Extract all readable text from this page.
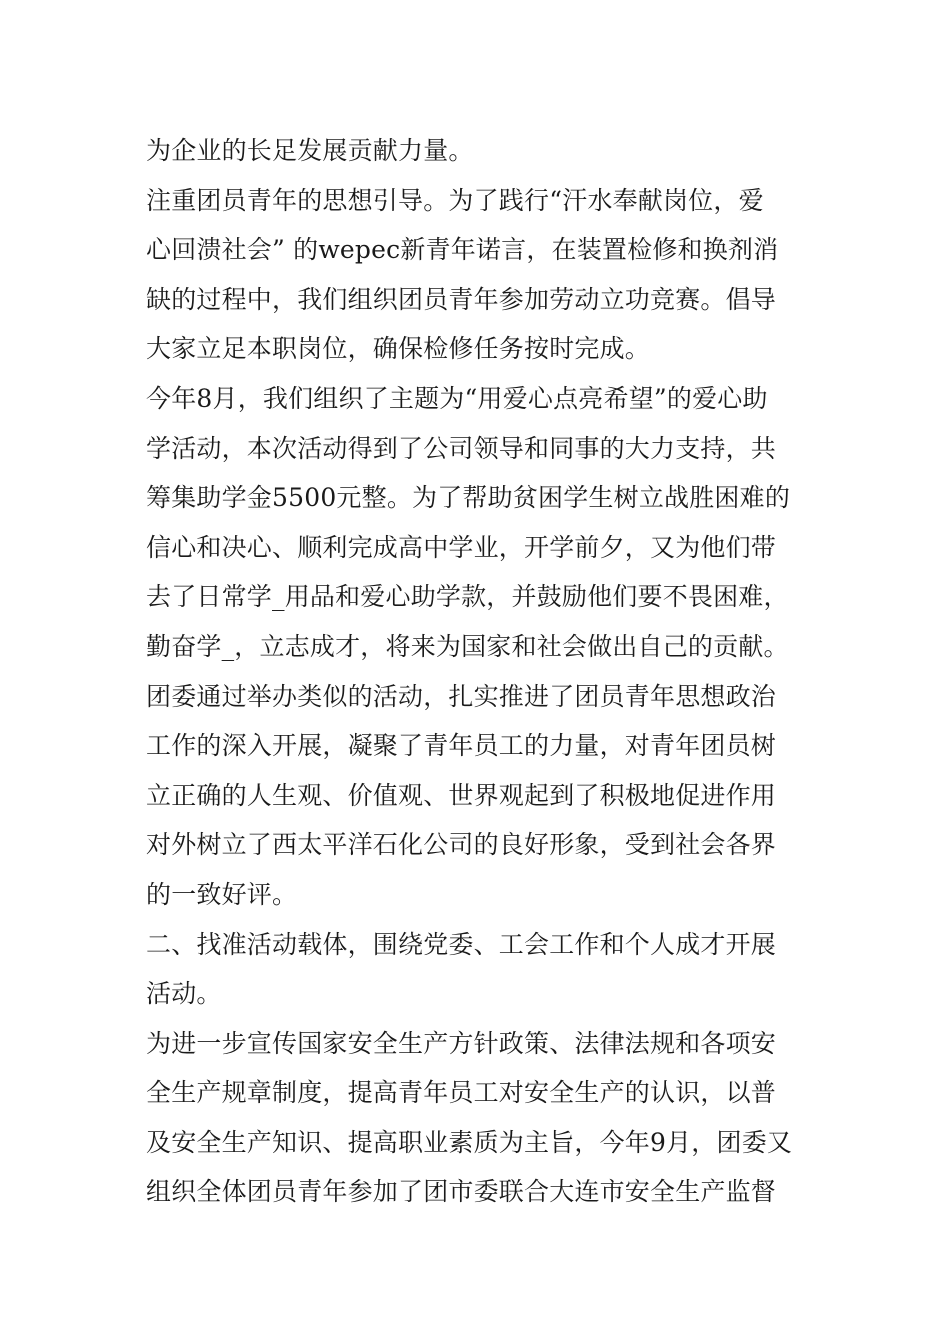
为企业的长足发展贡献力量。
注重团员青年的思想引导。为了践行“汗水奉献岗位，爱
心回溃社会” 的wepec新青年诺言，在装置检修和换剂消
缺的过程中，我们组织团员青年参加劳动立功竞赛。倡导
大家立足本职岗位，确保检修任务按时完成。
今年8月，我们组织了主题为“用爱心点亮希望”的爱心助
学活动，本次活动得到了公司领导和同事的大力支持，共
筹集助学金5500元整。为了帮助贫困学生树立战胜困难的
信心和决心、顺利完成高中学业，开学前夕，又为他们带
去了日常学_用品和爱心助学款，并鼓励他们要不畏困难，
勤奋学_，立志成才，将来为国家和社会做出自己的贡献。
团委通过举办类似的活动，扎实推进了团员青年思想政治
工作的深入开展，凝聚了青年员工的力量，对青年团员树
立正确的人生观、价值观、世界观起到了积极地促进作用
对外树立了西太平洋石化公司的良好形象，受到社会各界
的一致好评。
二、找准活动载体，围绕党委、工会工作和个人成才开展
活动。
为进一步宣传国家安全生产方针政策、法律法规和各项安
全生产规章制度，提高青年员工对安全生产的认识，以普
及安全生产知识、提高职业素质为主旨，今年9月，团委又
组织全体团员青年参加了团市委联合大连市安全生产监督
